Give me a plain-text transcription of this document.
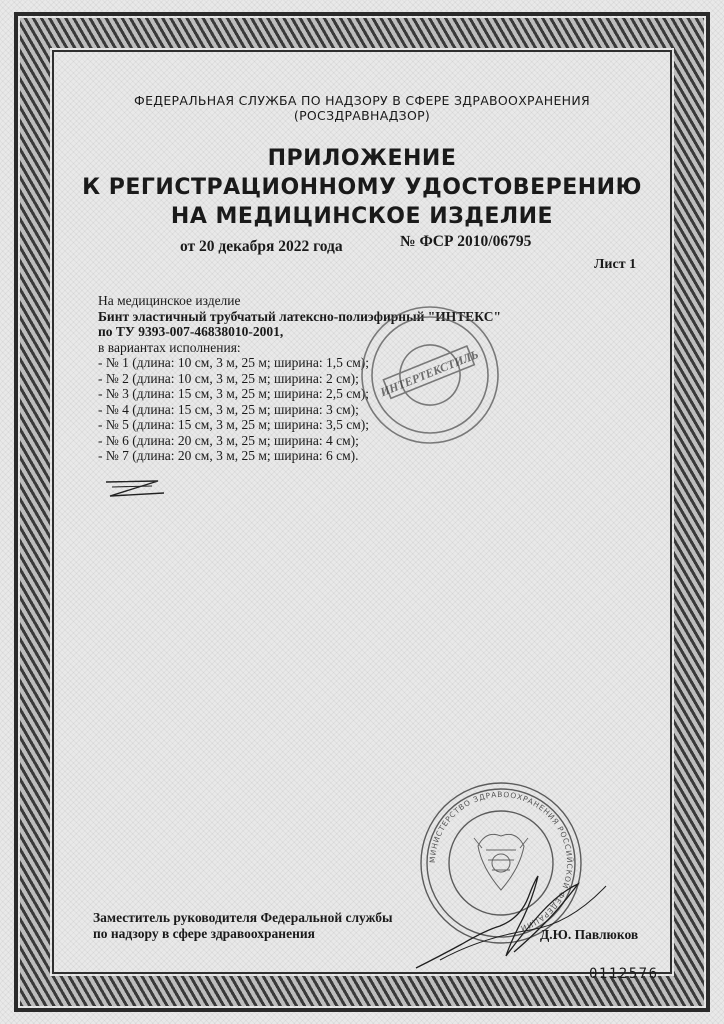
ФЕДЕРАЛЬНАЯ СЛУЖБА ПО НАДЗОРУ В СФЕРЕ ЗДРАВООХРАНЕНИЯ
(РОСЗДРАВНАДЗОР)
ПРИЛОЖЕНИЕ
К РЕГИСТРАЦИОННОМУ УДОСТОВЕРЕНИЮ
НА МЕДИЦИНСКОЕ ИЗДЕЛИЕ
от 20 декабря 2022 года	№ ФСР 2010/06795
Лист 1
На медицинское изделие
Бинт эластичный трубчатый латексно-полиэфирный "ИНТЕКС"
по ТУ 9393-007-46838010-2001,
в вариантах исполнения:
- № 1 (длина: 10 см, 3 м, 25 м; ширина: 1,5 см);
- № 2 (длина: 10 см, 3 м, 25 м; ширина: 2 см);
- № 3 (длина: 15 см, 3 м, 25 м; ширина: 2,5 см);
- № 4 (длина: 15 см, 3 м, 25 м; ширина: 3 см);
- № 5 (длина: 15 см, 3 м, 25 м; ширина: 3,5 см);
- № 6 (длина: 20 см, 3 м, 25 м; ширина: 4 см);
- № 7 (длина: 20 см, 3 м, 25 м; ширина: 6 см).
ИНТЕРТЕКСТИЛЬ
МИНИСТЕРСТВО ЗДРАВООХРАНЕНИЯ РОССИЙСКОЙ ФЕДЕРАЦИИ
Заместитель руководителя Федеральной службы
по надзору в сфере здравоохранения	Д.Ю. Павлюков
0112576
